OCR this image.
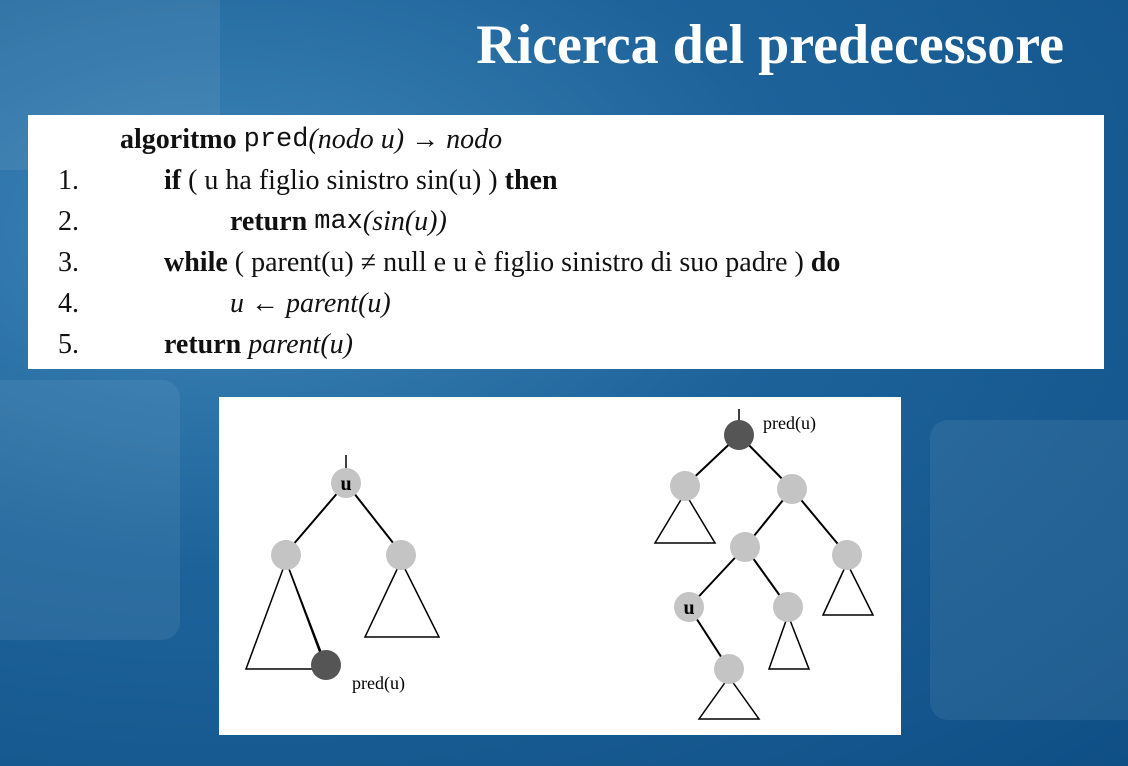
Ricerca del predecessore
algoritmo
pred (nodo u) → nodo
1.	if ( u ha figlio sinistro sin(u) ) then
2.	return
max (sin(u))
3.	while ( parent(u) ≠ null e u è figlio sinistro di suo padre ) do
4.	u ← parent(u)
5.	return parent(u)
u
pred(u)
pred(u)
u
